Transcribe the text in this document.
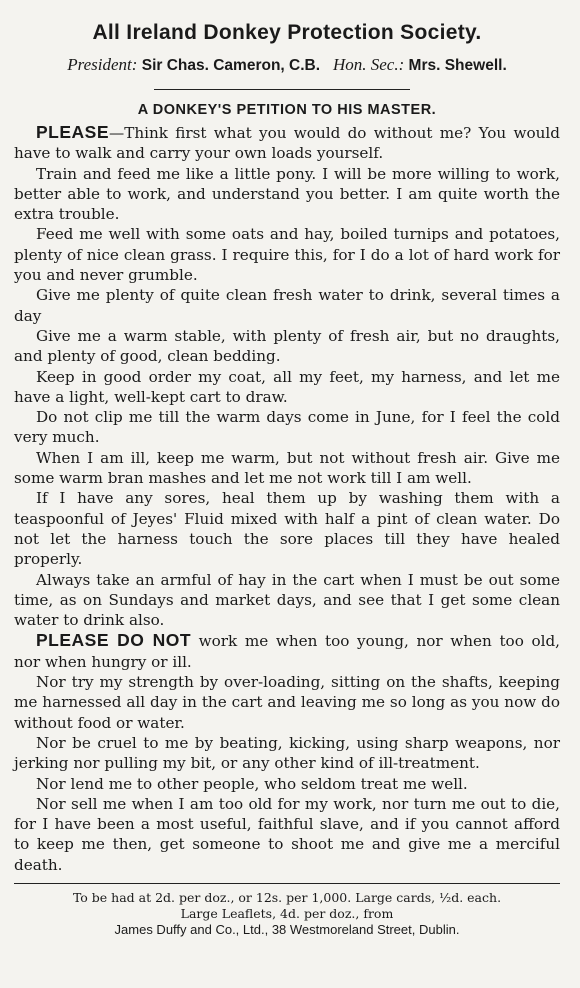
All Ireland Donkey Protection Society.
President: Sir Chas. Cameron, C.B. Hon. Sec.: Mrs. Shewell.
A DONKEY'S PETITION TO HIS MASTER.

PLEASE—Think first what you would do without me? You would have to walk and carry your own loads yourself.

Train and feed me like a little pony. I will be more willing to work, better able to work, and understand you better. I am quite worth the extra trouble.

Feed me well with some oats and hay, boiled turnips and potatoes, plenty of nice clean grass. I require this, for I do a lot of hard work for you and never grumble.

Give me plenty of quite clean fresh water to drink, several times a day

Give me a warm stable, with plenty of fresh air, but no draughts, and plenty of good, clean bedding.

Keep in good order my coat, all my feet, my harness, and let me have a light, well-kept cart to draw.

Do not clip me till the warm days come in June, for I feel the cold very much.

When I am ill, keep me warm, but not without fresh air. Give me some warm bran mashes and let me not work till I am well.

If I have any sores, heal them up by washing them with a teaspoonful of Jeyes' Fluid mixed with half a pint of clean water. Do not let the harness touch the sore places till they have healed properly.

Always take an armful of hay in the cart when I must be out some time, as on Sundays and market days, and see that I get some clean water to drink also.

PLEASE DO NOT work me when too young, nor when too old, nor when hungry or ill.

Nor try my strength by over-loading, sitting on the shafts, keeping me harnessed all day in the cart and leaving me so long as you now do without food or water.

Nor be cruel to me by beating, kicking, using sharp weapons, nor jerking nor pulling my bit, or any other kind of ill-treatment.

Nor lend me to other people, who seldom treat me well.

Nor sell me when I am too old for my work, nor turn me out to die, for I have been a most useful, faithful slave, and if you cannot afford to keep me then, get someone to shoot me and give me a merciful death.

To be had at 2d. per doz., or 12s. per 1,000. Large cards, ½d. each.
Large Leaflets, 4d. per doz., from
James Duffy and Co., Ltd., 38 Westmoreland Street, Dublin.
